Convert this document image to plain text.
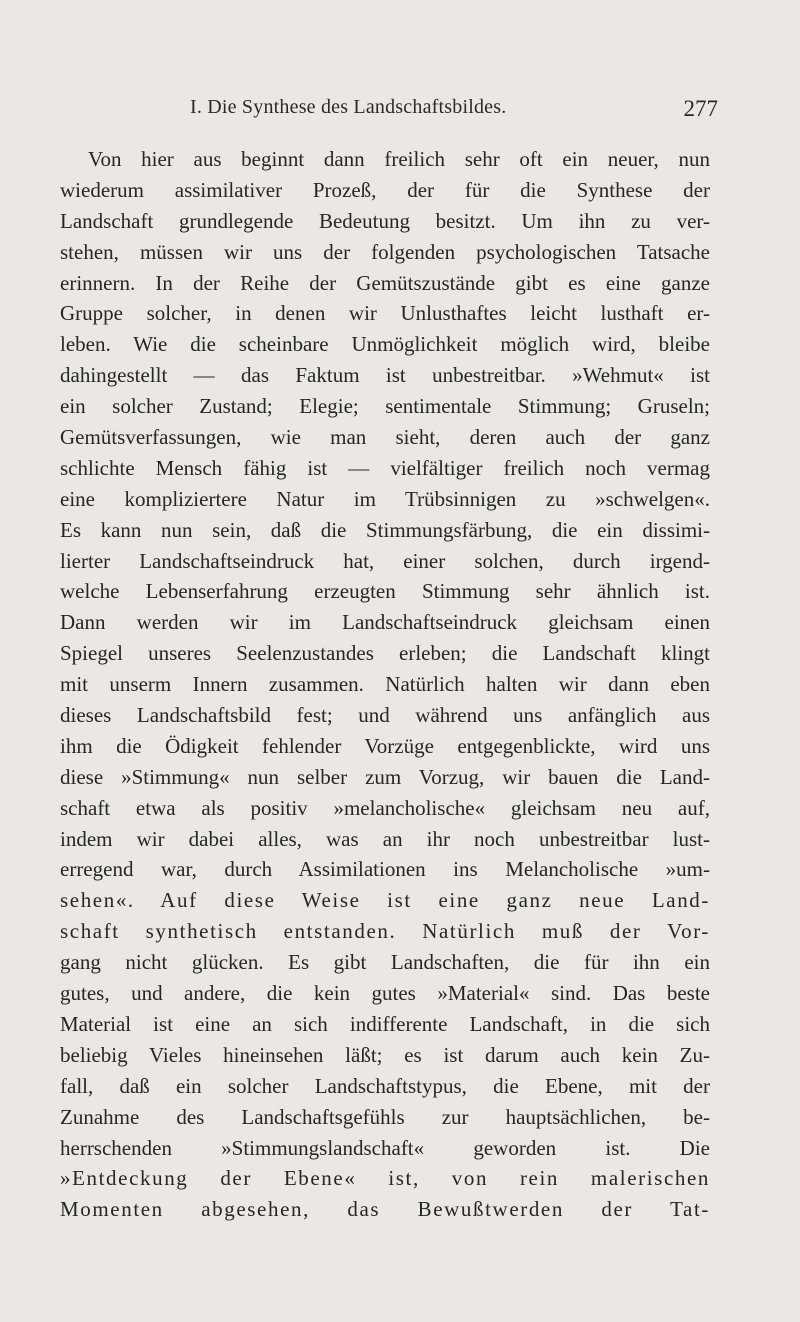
I. Die Synthese des Landschaftsbildes.	277
Von hier aus beginnt dann freilich sehr oft ein neuer, nun
wiederum assimilativer Prozeß, der für die Synthese der
Landschaft grundlegende Bedeutung besitzt. Um ihn zu ver-
stehen, müssen wir uns der folgenden psychologischen Tatsache
erinnern. In der Reihe der Gemütszustände gibt es eine ganze
Gruppe solcher, in denen wir Unlusthaftes leicht lusthaft er-
leben. Wie die scheinbare Unmöglichkeit möglich wird, bleibe
dahingestellt — das Faktum ist unbestreitbar. »Wehmut« ist
ein solcher Zustand; Elegie; sentimentale Stimmung; Gruseln;
Gemütsverfassungen, wie man sieht, deren auch der ganz
schlichte Mensch fähig ist — vielfältiger freilich noch vermag
eine kompliziertere Natur im Trübsinnigen zu »schwelgen«.
Es kann nun sein, daß die Stimmungsfärbung, die ein dissimi-
lierter Landschaftseindruck hat, einer solchen, durch irgend-
welche Lebenserfahrung erzeugten Stimmung sehr ähnlich ist.
Dann werden wir im Landschaftseindruck gleichsam einen
Spiegel unseres Seelenzustandes erleben; die Landschaft klingt
mit unserm Innern zusammen. Natürlich halten wir dann eben
dieses Landschaftsbild fest; und während uns anfänglich aus
ihm die Ödigkeit fehlender Vorzüge entgegenblickte, wird uns
diese »Stimmung« nun selber zum Vorzug, wir bauen die Land-
schaft etwa als positiv »melancholische« gleichsam neu auf,
indem wir dabei alles, was an ihr noch unbestreitbar lust-
erregend war, durch Assimilationen ins Melancholische »um-
sehen«. Auf diese Weise ist eine ganz neue Land-
schaft synthetisch entstanden. Natürlich muß der Vor-
gang nicht glücken. Es gibt Landschaften, die für ihn ein
gutes, und andere, die kein gutes »Material« sind. Das beste
Material ist eine an sich indifferente Landschaft, in die sich
beliebig Vieles hineinsehen läßt; es ist darum auch kein Zu-
fall, daß ein solcher Landschaftstypus, die Ebene, mit der
Zunahme des Landschaftsgefühls zur hauptsächlichen, be-
herrschenden »Stimmungslandschaft« geworden ist. Die
»Entdeckung der Ebene« ist, von rein malerischen
Momenten abgesehen, das Bewußtwerden der Tat-
